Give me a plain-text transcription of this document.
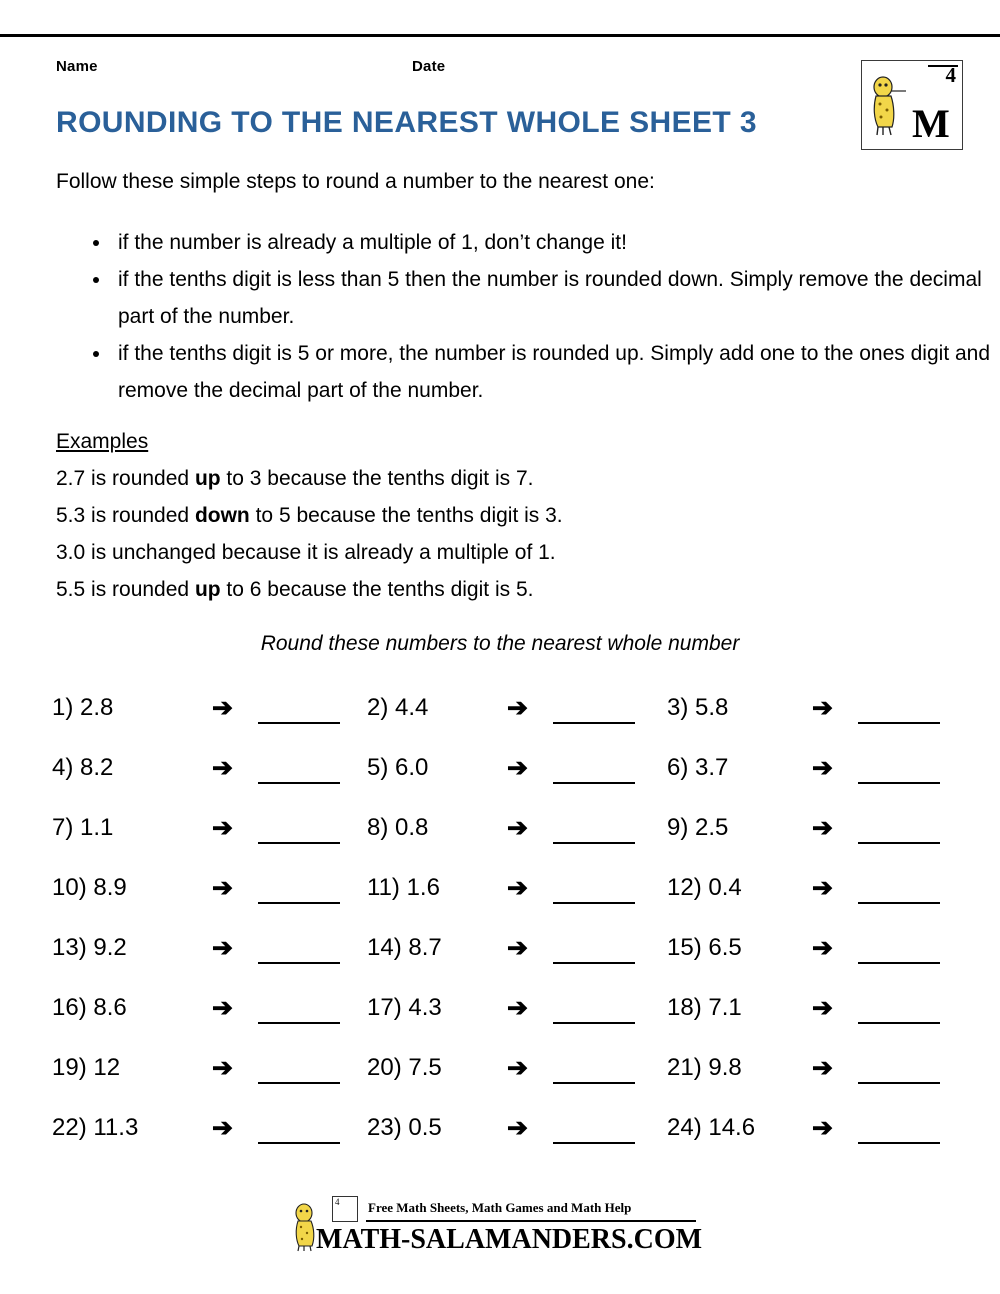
Name	Date	4
M
ROUNDING TO THE NEAREST WHOLE SHEET 3
Follow these simple steps to round a number to the nearest one:
• if the number is already a multiple of 1, don’t change it!
• if the tenths digit is less than 5 then the number is rounded down. Simply remove the decimal part of the number.
• if the tenths digit is 5 or more, the number is rounded up. Simply add one to the ones digit and remove the decimal part of the number.
Examples
2.7 is rounded up to 3 because the tenths digit is 7.
5.3 is rounded down to 5 because the tenths digit is 3.
3.0 is unchanged because it is already a multiple of 1.
5.5 is rounded up to 6 because the tenths digit is 5.
Round these numbers to the nearest whole number
1) 2.8	➔	2) 4.4	➔	3) 5.8	➔
4) 8.2	➔	5) 6.0	➔	6) 3.7	➔
7) 1.1	➔	8) 0.8	➔	9) 2.5	➔
10) 8.9	➔	11) 1.6	➔	12) 0.4	➔
13) 9.2	➔	14) 8.7	➔	15) 6.5	➔
16) 8.6	➔	17) 4.3	➔	18) 7.1	➔
19) 12	➔	20) 7.5	➔	21) 9.8	➔
22) 11.3	➔	23) 0.5	➔	24) 14.6	➔
4	Free Math Sheets, Math Games and Math Help
MATH-SALAMANDERS.COM
